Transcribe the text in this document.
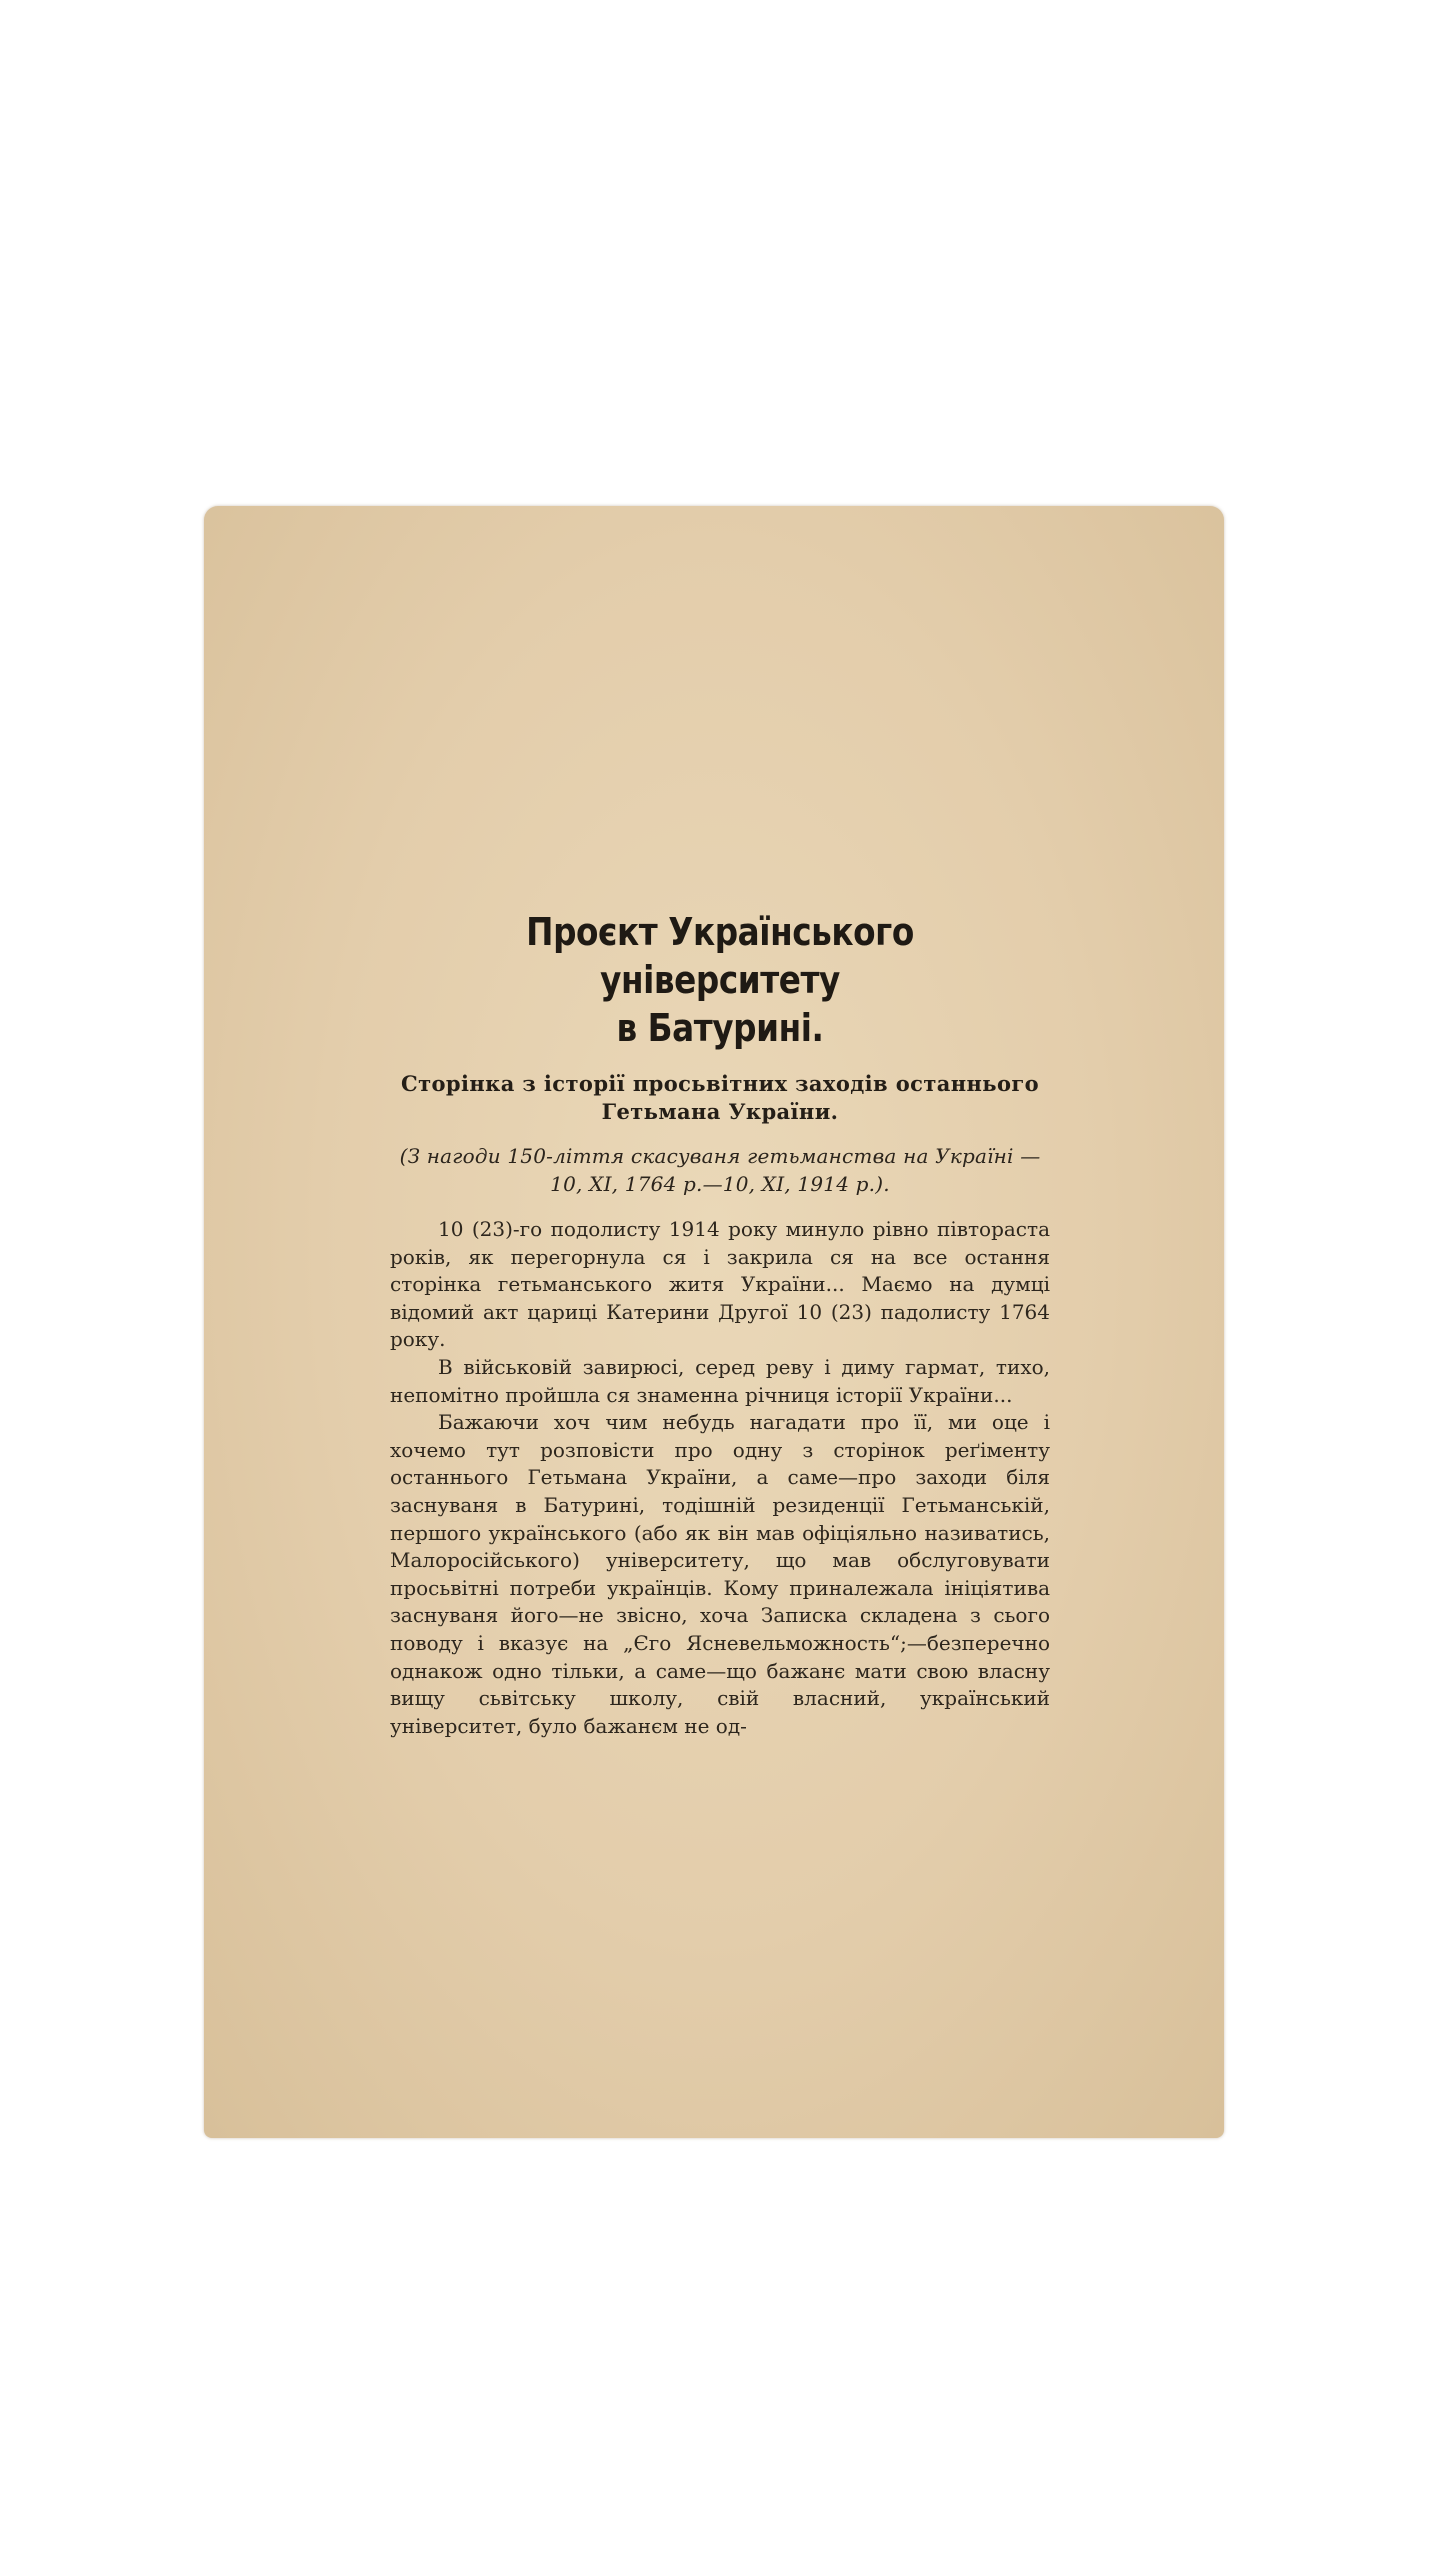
Проєкт Українського університету
в Батурині.
Сторінка з історії просьвітних заходів останнього Гетьмана України.
(З нагоди 150-ліття скасуваня гетьманства на Україні —10, XI, 1764 р.—10, XI, 1914 р.).

10 (23)-го подолисту 1914 року минуло рівно півтораста років, як перегорнула ся і закрила ся на все остання сторінка гетьманського житя України... Маємо на думці відомий акт цариці Катерини Другої 10 (23) падолисту 1764 року.

В військовій завирюсі, серед реву і диму гармат, тихо, непомітно пройшла ся знаменна річниця історії України...

Бажаючи хоч чим небудь нагадати про її, ми оце і хочемо тут розповісти про одну з сторінок реґіменту останнього Гетьмана України, а саме—про заходи біля заснуваня в Батурині, тодішній резиденції Гетьманській, першого українського (або як він мав офіціяльно називатись, Малоросійського) університету, що мав обслуговувати просьвітні потреби українців. Кому приналежала ініціятива заснуваня його—не звісно, хоча Записка складена з сього поводу і вказує на „Єго Ясневельможность“;—безперечно однакож одно тільки, а саме—що бажанє мати свою власну вищу сьвітську школу, свій власний, український університет, було бажанєм не од-
